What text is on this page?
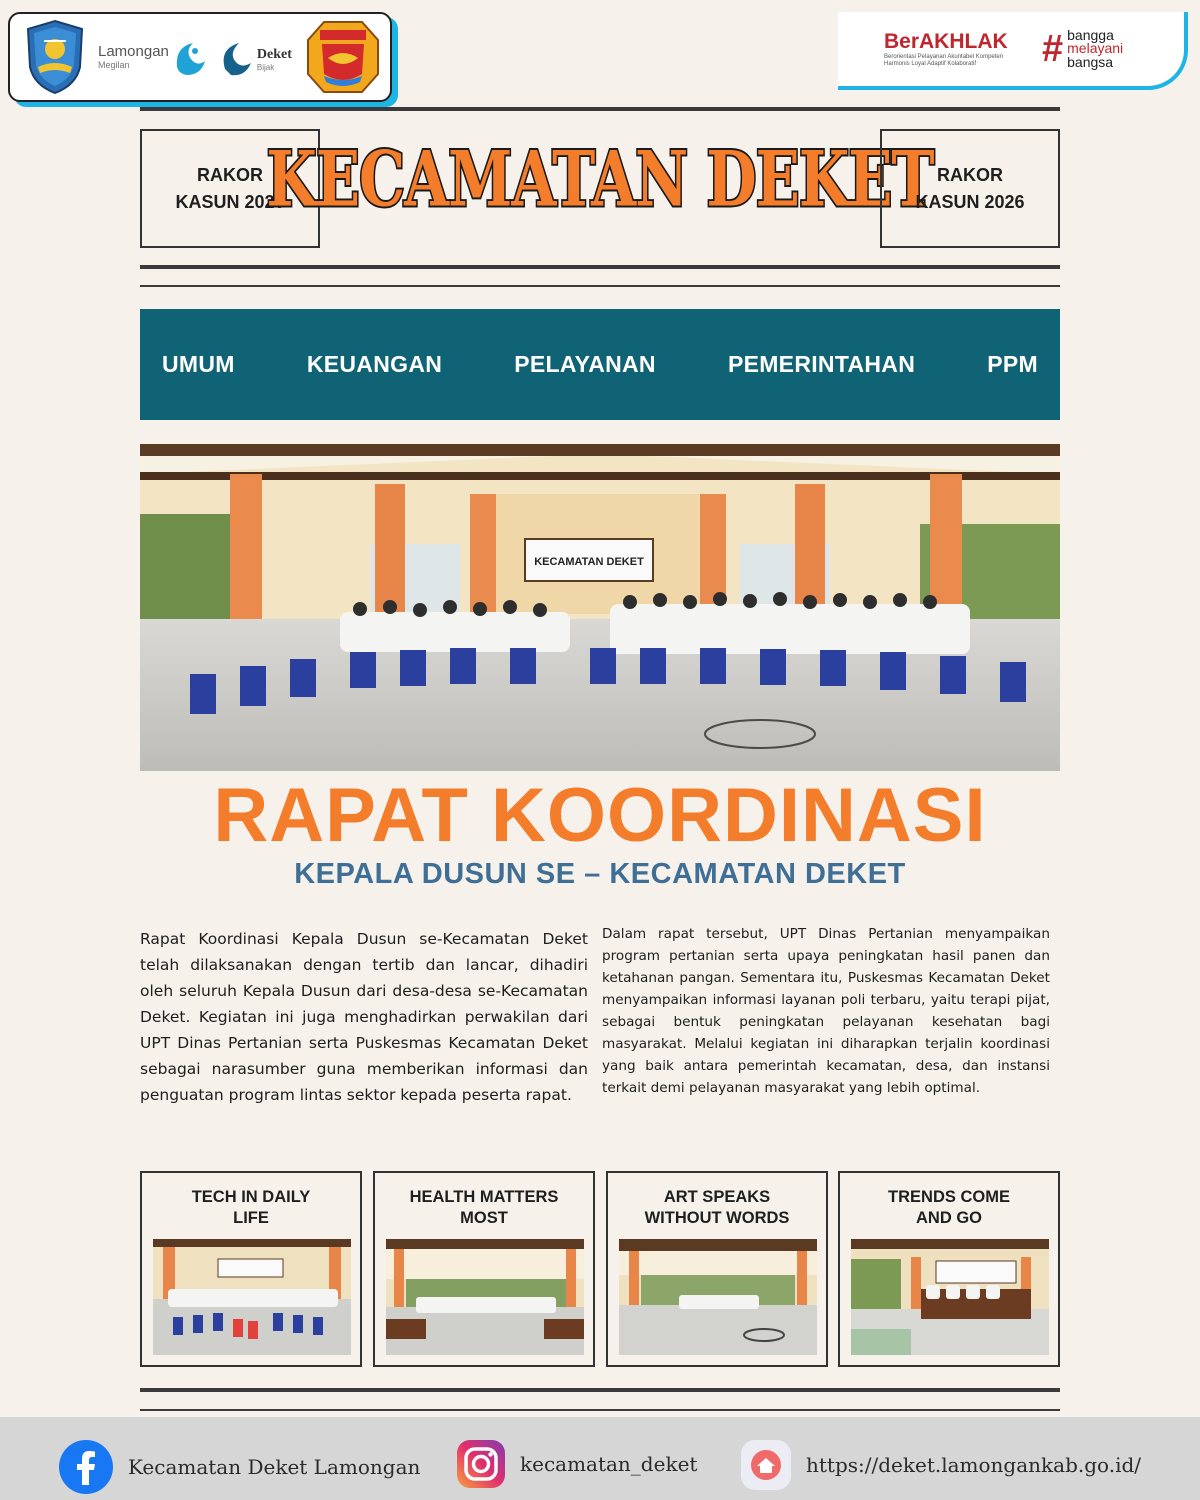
Lamongan
Megilan
Deket
Bijak
BerAKHLAK
Berorientasi Pelayanan Akuntabel Kompeten Harmonis Loyal Adaptif Kolaboratif	# bangga
melayani
bangsa
RAKOR
KASUN 2026
KECAMATAN DEKET RAKOR
KASUN 2026
UMUM	KEUANGAN	PELAYANAN	PEMERINTAHAN	PPM
KECAMATAN DEKET
RAPAT KOORDINASI
KEPALA DUSUN SE – KECAMATAN DEKET

Rapat Koordinasi Kepala Dusun se-Kecamatan Deket telah dilaksanakan dengan tertib dan lancar, dihadiri oleh seluruh Kepala Dusun dari desa-desa se-Kecamatan Deket. Kegiatan ini juga menghadirkan perwakilan dari UPT Dinas Pertanian serta Puskesmas Kecamatan Deket sebagai narasumber guna memberikan informasi dan penguatan program lintas sektor kepada peserta rapat.

Dalam rapat tersebut, UPT Dinas Pertanian menyampaikan program pertanian serta upaya peningkatan hasil panen dan ketahanan pangan. Sementara itu, Puskesmas Kecamatan Deket menyampaikan informasi layanan poli terbaru, yaitu terapi pijat, sebagai bentuk peningkatan pelayanan kesehatan bagi masyarakat. Melalui kegiatan ini diharapkan terjalin koordinasi yang baik antara pemerintah kecamatan, desa, dan instansi terkait demi pelayanan masyarakat yang lebih optimal.

TECH IN DAILY LIFE
HEALTH MATTERS MOST
ART SPEAKS WITHOUT WORDS
TRENDS COME AND GO
Kecamatan Deket Lamongan	kecamatan_deket	https://deket.lamongankab.go.id/
